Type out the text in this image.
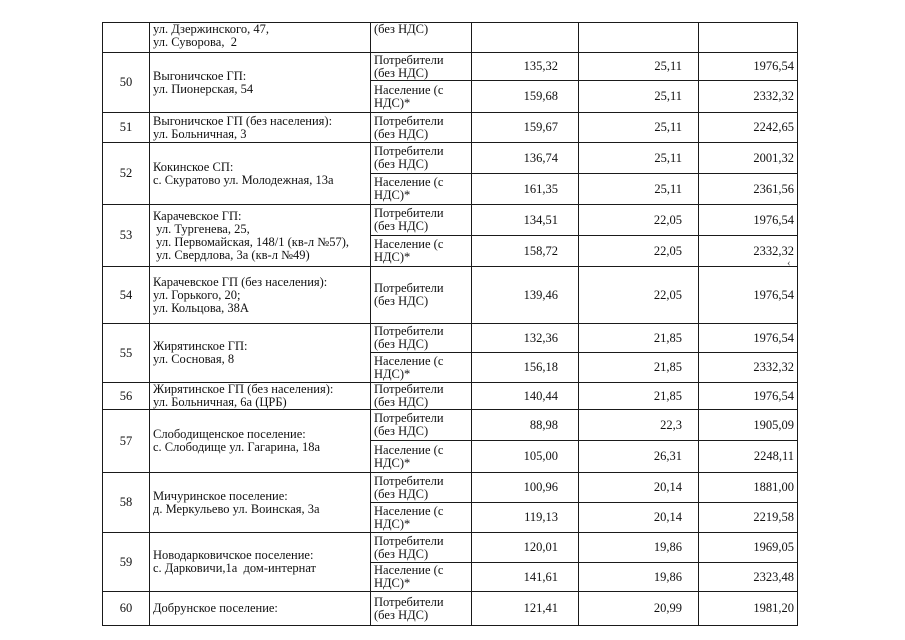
	ул. Дзержинского, 47,
ул. Суворова,  2	(без НДС)			

50	Выгоничское ГП:
ул. Пионерская, 54	Потребители
(без НДС)	135,32	25,11	1976,54

		Население (с
НДС)*	159,68	25,11	2332,32
51	Выгоничское ГП (без населения):
ул. Больничная, 3	Потребители
(без НДС)	159,67	25,11	2242,65
52	Кокинское СП:
с. Скуратово ул. Молодежная, 13а	Потребители
(без НДС)	136,74	25,11	2001,32

		Население (с
НДС)*	161,35	25,11	2361,56
53	Карачевское ГП:
ул. Тургенева, 25,
ул. Первомайская, 148/1 (кв-л №57),
ул. Свердлова, 3а (кв-л №49)	Потребители
(без НДС)	134,51	22,05	1976,54

		Население (с
НДС)*	158,72	22,05	2332,32
54	Карачевское ГП (без населения):
ул. Горького, 20;
ул. Кольцова, 38А	Потребители
(без НДС)	139,46	22,05	1976,54
55	Жирятинское ГП:
ул. Сосновая, 8	Потребители
(без НДС)	132,36	21,85	1976,54

		Население (с
НДС)*	156,18	21,85	2332,32
56	Жирятинское ГП (без населения):
ул. Больничная, 6а (ЦРБ)	Потребители
(без НДС)	140,44	21,85	1976,54
57	Слободищенское поселение:
с. Слободище ул. Гагарина, 18а	Потребители
(без НДС)	88,98	22,3	1905,09

		Население (с
НДС)*	105,00	26,31	2248,11
58	Мичуринское поселение:
д. Меркульево ул. Воинская, 3а	Потребители
(без НДС)	100,96	20,14	1881,00

		Население (с
НДС)*	119,13	20,14	2219,58
59	Новодарковичское поселение:
с. Дарковичи,1а  дом-интернат	Потребители
(без НДС)	120,01	19,86	1969,05

		Население (с
НДС)*	141,61	19,86	2323,48
60	Добрунское поселение:	Потребители
(без НДС)	121,41	20,99	1981,20
‹
